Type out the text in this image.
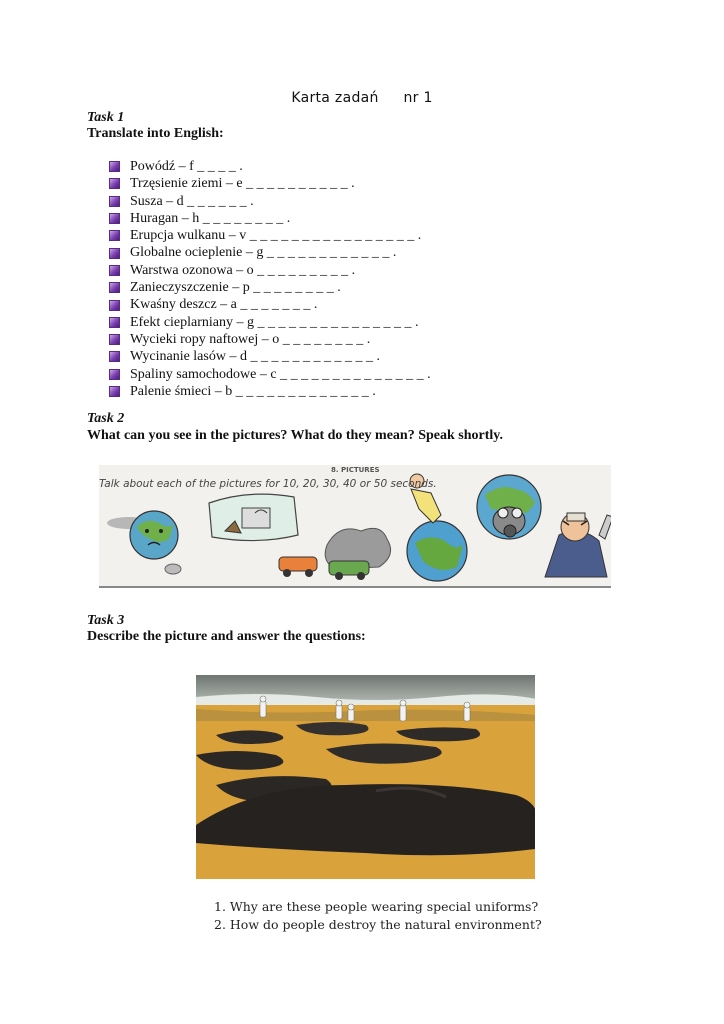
Karta zadań nr 1
Task 1
Translate into English:
Powódź – f _ _ _ _ .
Trzęsienie ziemi – e _ _ _ _ _ _ _ _ _ _ .
Susza – d _ _ _ _ _ _ .
Huragan – h _ _ _ _ _ _ _ _ .
Erupcja wulkanu – v _ _ _ _ _ _ _ _ _ _ _ _ _ _ _ _ .
Globalne ocieplenie – g _ _ _ _ _ _ _ _ _ _ _ _ .
Warstwa ozonowa – o _ _ _ _ _ _ _ _ _ .
Zanieczyszczenie – p _ _ _ _ _ _ _ _ .
Kwaśny deszcz – a _ _ _ _ _ _ _ .
Efekt cieplarniany – g _ _ _ _ _ _ _ _ _ _ _ _ _ _ _ .
Wycieki ropy naftowej – o _ _ _ _ _ _ _ _ .
Wycinanie lasów – d _ _ _ _ _ _ _ _ _ _ _ _ .
Spaliny samochodowe – c _ _ _ _ _ _ _ _ _ _ _ _ _ _ .
Palenie śmieci – b _ _ _ _ _ _ _ _ _ _ _ _ _ .
Task 2
What can you see in the pictures? What do they mean? Speak shortly.
Talk about each of the pictures for 10, 20, 30, 40 or 50 seconds.
8. PICTURES
Task 3
Describe the picture and answer the questions:
1. Why are these people wearing special uniforms?
2. How do people destroy the natural environment?
